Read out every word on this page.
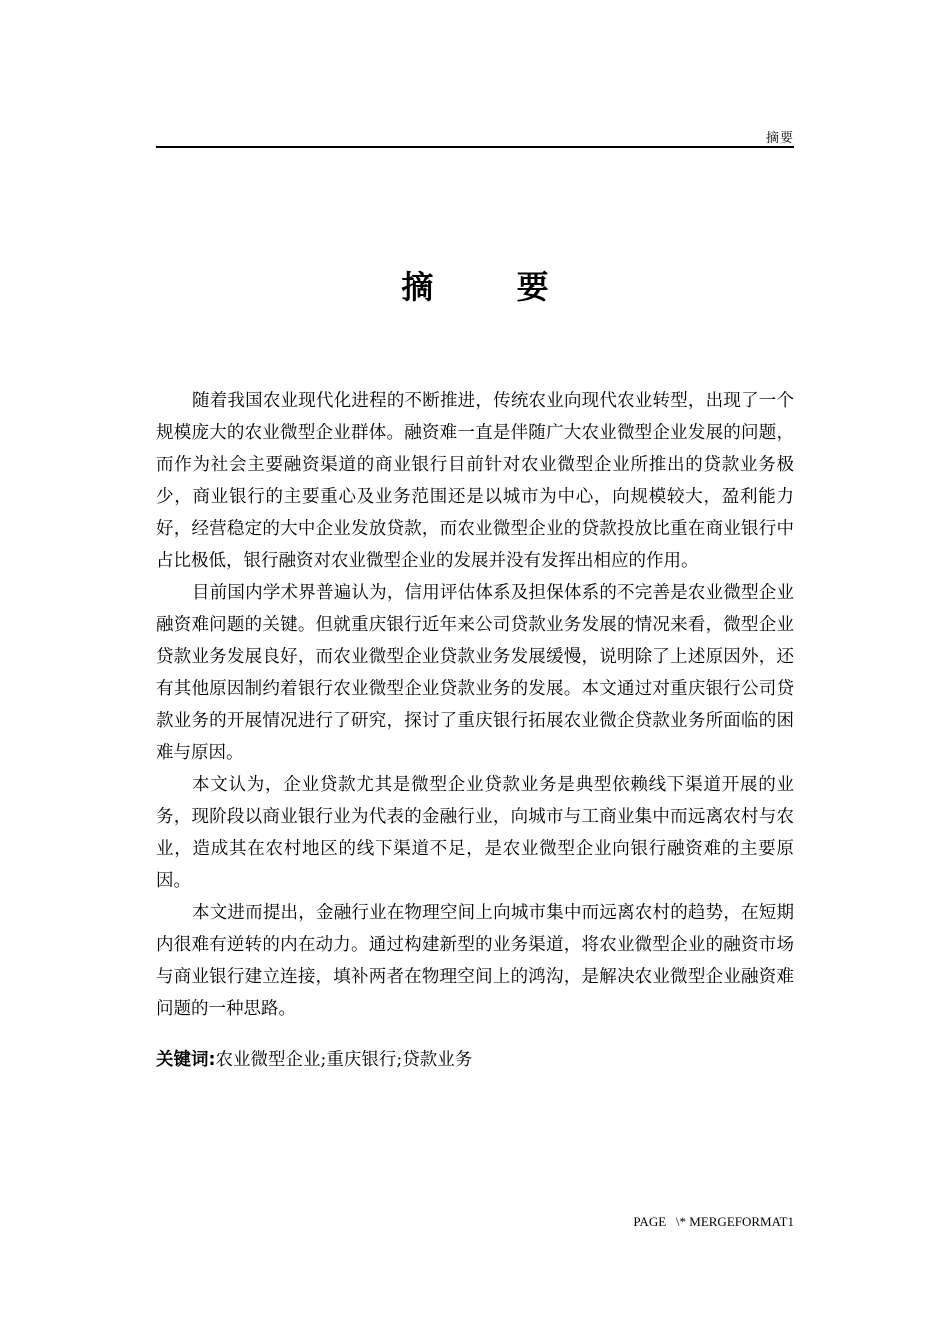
摘要
摘 要

随着我国农业现代化进程的不断推进，传统农业向现代农业转型，出现了一个规模庞大的农业微型企业群体。融资难一直是伴随广大农业微型企业发展的问题，而作为社会主要融资渠道的商业银行目前针对农业微型企业所推出的贷款业务极少，商业银行的主要重心及业务范围还是以城市为中心，向规模较大，盈利能力好，经营稳定的大中企业发放贷款，而农业微型企业的贷款投放比重在商业银行中占比极低，银行融资对农业微型企业的发展并没有发挥出相应的作用。

目前国内学术界普遍认为，信用评估体系及担保体系的不完善是农业微型企业融资难问题的关键。但就重庆银行近年来公司贷款业务发展的情况来看，微型企业贷款业务发展良好，而农业微型企业贷款业务发展缓慢，说明除了上述原因外，还有其他原因制约着银行农业微型企业贷款业务的发展。本文通过对重庆银行公司贷款业务的开展情况进行了研究，探讨了重庆银行拓展农业微企贷款业务所面临的困难与原因。

本文认为，企业贷款尤其是微型企业贷款业务是典型依赖线下渠道开展的业务，现阶段以商业银行业为代表的金融行业，向城市与工商业集中而远离农村与农业，造成其在农村地区的线下渠道不足，是农业微型企业向银行融资难的主要原因。

本文进而提出，金融行业在物理空间上向城市集中而远离农村的趋势，在短期内很难有逆转的内在动力。通过构建新型的业务渠道，将农业微型企业的融资市场与商业银行建立连接，填补两者在物理空间上的鸿沟，是解决农业微型企业融资难问题的一种思路。

关键词:农业微型企业;重庆银行;贷款业务
PAGE   \* MERGEFORMAT1
